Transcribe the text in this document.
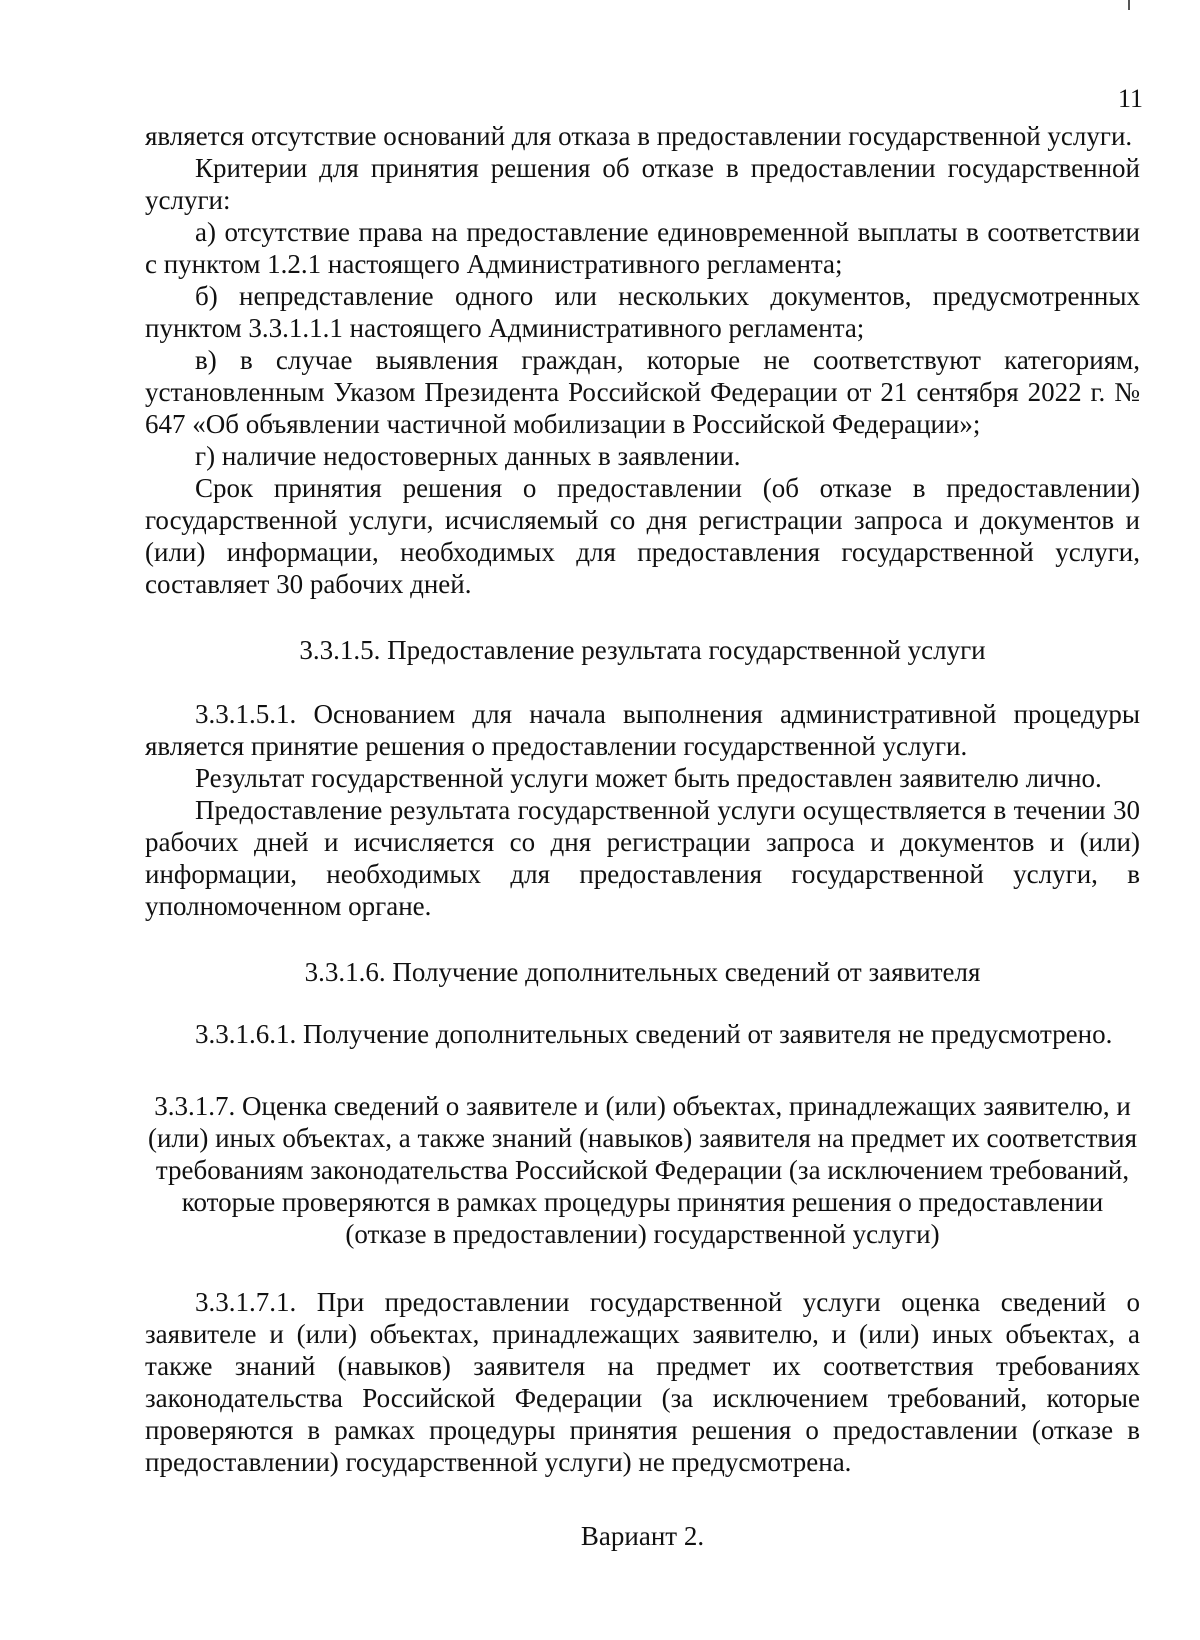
11

является отсутствие оснований для отказа в предоставлении государственной услуги.

Критерии для принятия решения об отказе в предоставлении государственной услуги:

а) отсутствие права на предоставление единовременной выплаты в соответствии с пунктом 1.2.1 настоящего Административного регламента;

б) непредставление одного или нескольких документов, предусмотренных пунктом 3.3.1.1.1 настоящего Административного регламента;

в) в случае выявления граждан, которые не соответствуют категориям, установленным Указом Президента Российской Федерации от 21 сентября 2022 г. № 647 «Об объявлении частичной мобилизации в Российской Федерации»;

г) наличие недостоверных данных в заявлении.

Срок принятия решения о предоставлении (об отказе в предоставлении) государственной услуги, исчисляемый со дня регистрации запроса и документов и (или) информации, необходимых для предоставления государственной услуги, составляет 30 рабочих дней.

3.3.1.5. Предоставление результата государственной услуги

3.3.1.5.1. Основанием для начала выполнения административной процедуры является принятие решения о предоставлении государственной услуги.

Результат государственной услуги может быть предоставлен заявителю лично.

Предоставление результата государственной услуги осуществляется в течении 30 рабочих дней и исчисляется со дня регистрации запроса и документов и (или) информации, необходимых для предоставления государственной услуги, в уполномоченном органе.

3.3.1.6. Получение дополнительных сведений от заявителя

3.3.1.6.1. Получение дополнительных сведений от заявителя не предусмотрено.

3.3.1.7. Оценка сведений о заявителе и (или) объектах, принадлежащих заявителю, и (или) иных объектах, а также знаний (навыков) заявителя на предмет их соответствия требованиям законодательства Российской Федерации (за исключением требований, которые проверяются в рамках процедуры принятия решения о предоставлении (отказе в предоставлении) государственной услуги)

3.3.1.7.1. При предоставлении государственной услуги оценка сведений о заявителе и (или) объектах, принадлежащих заявителю, и (или) иных объектах, а также знаний (навыков) заявителя на предмет их соответствия требованиях законодательства Российской Федерации (за исключением требований, которые проверяются в рамках процедуры принятия решения о предоставлении (отказе в предоставлении) государственной услуги) не предусмотрена.

Вариант 2.
